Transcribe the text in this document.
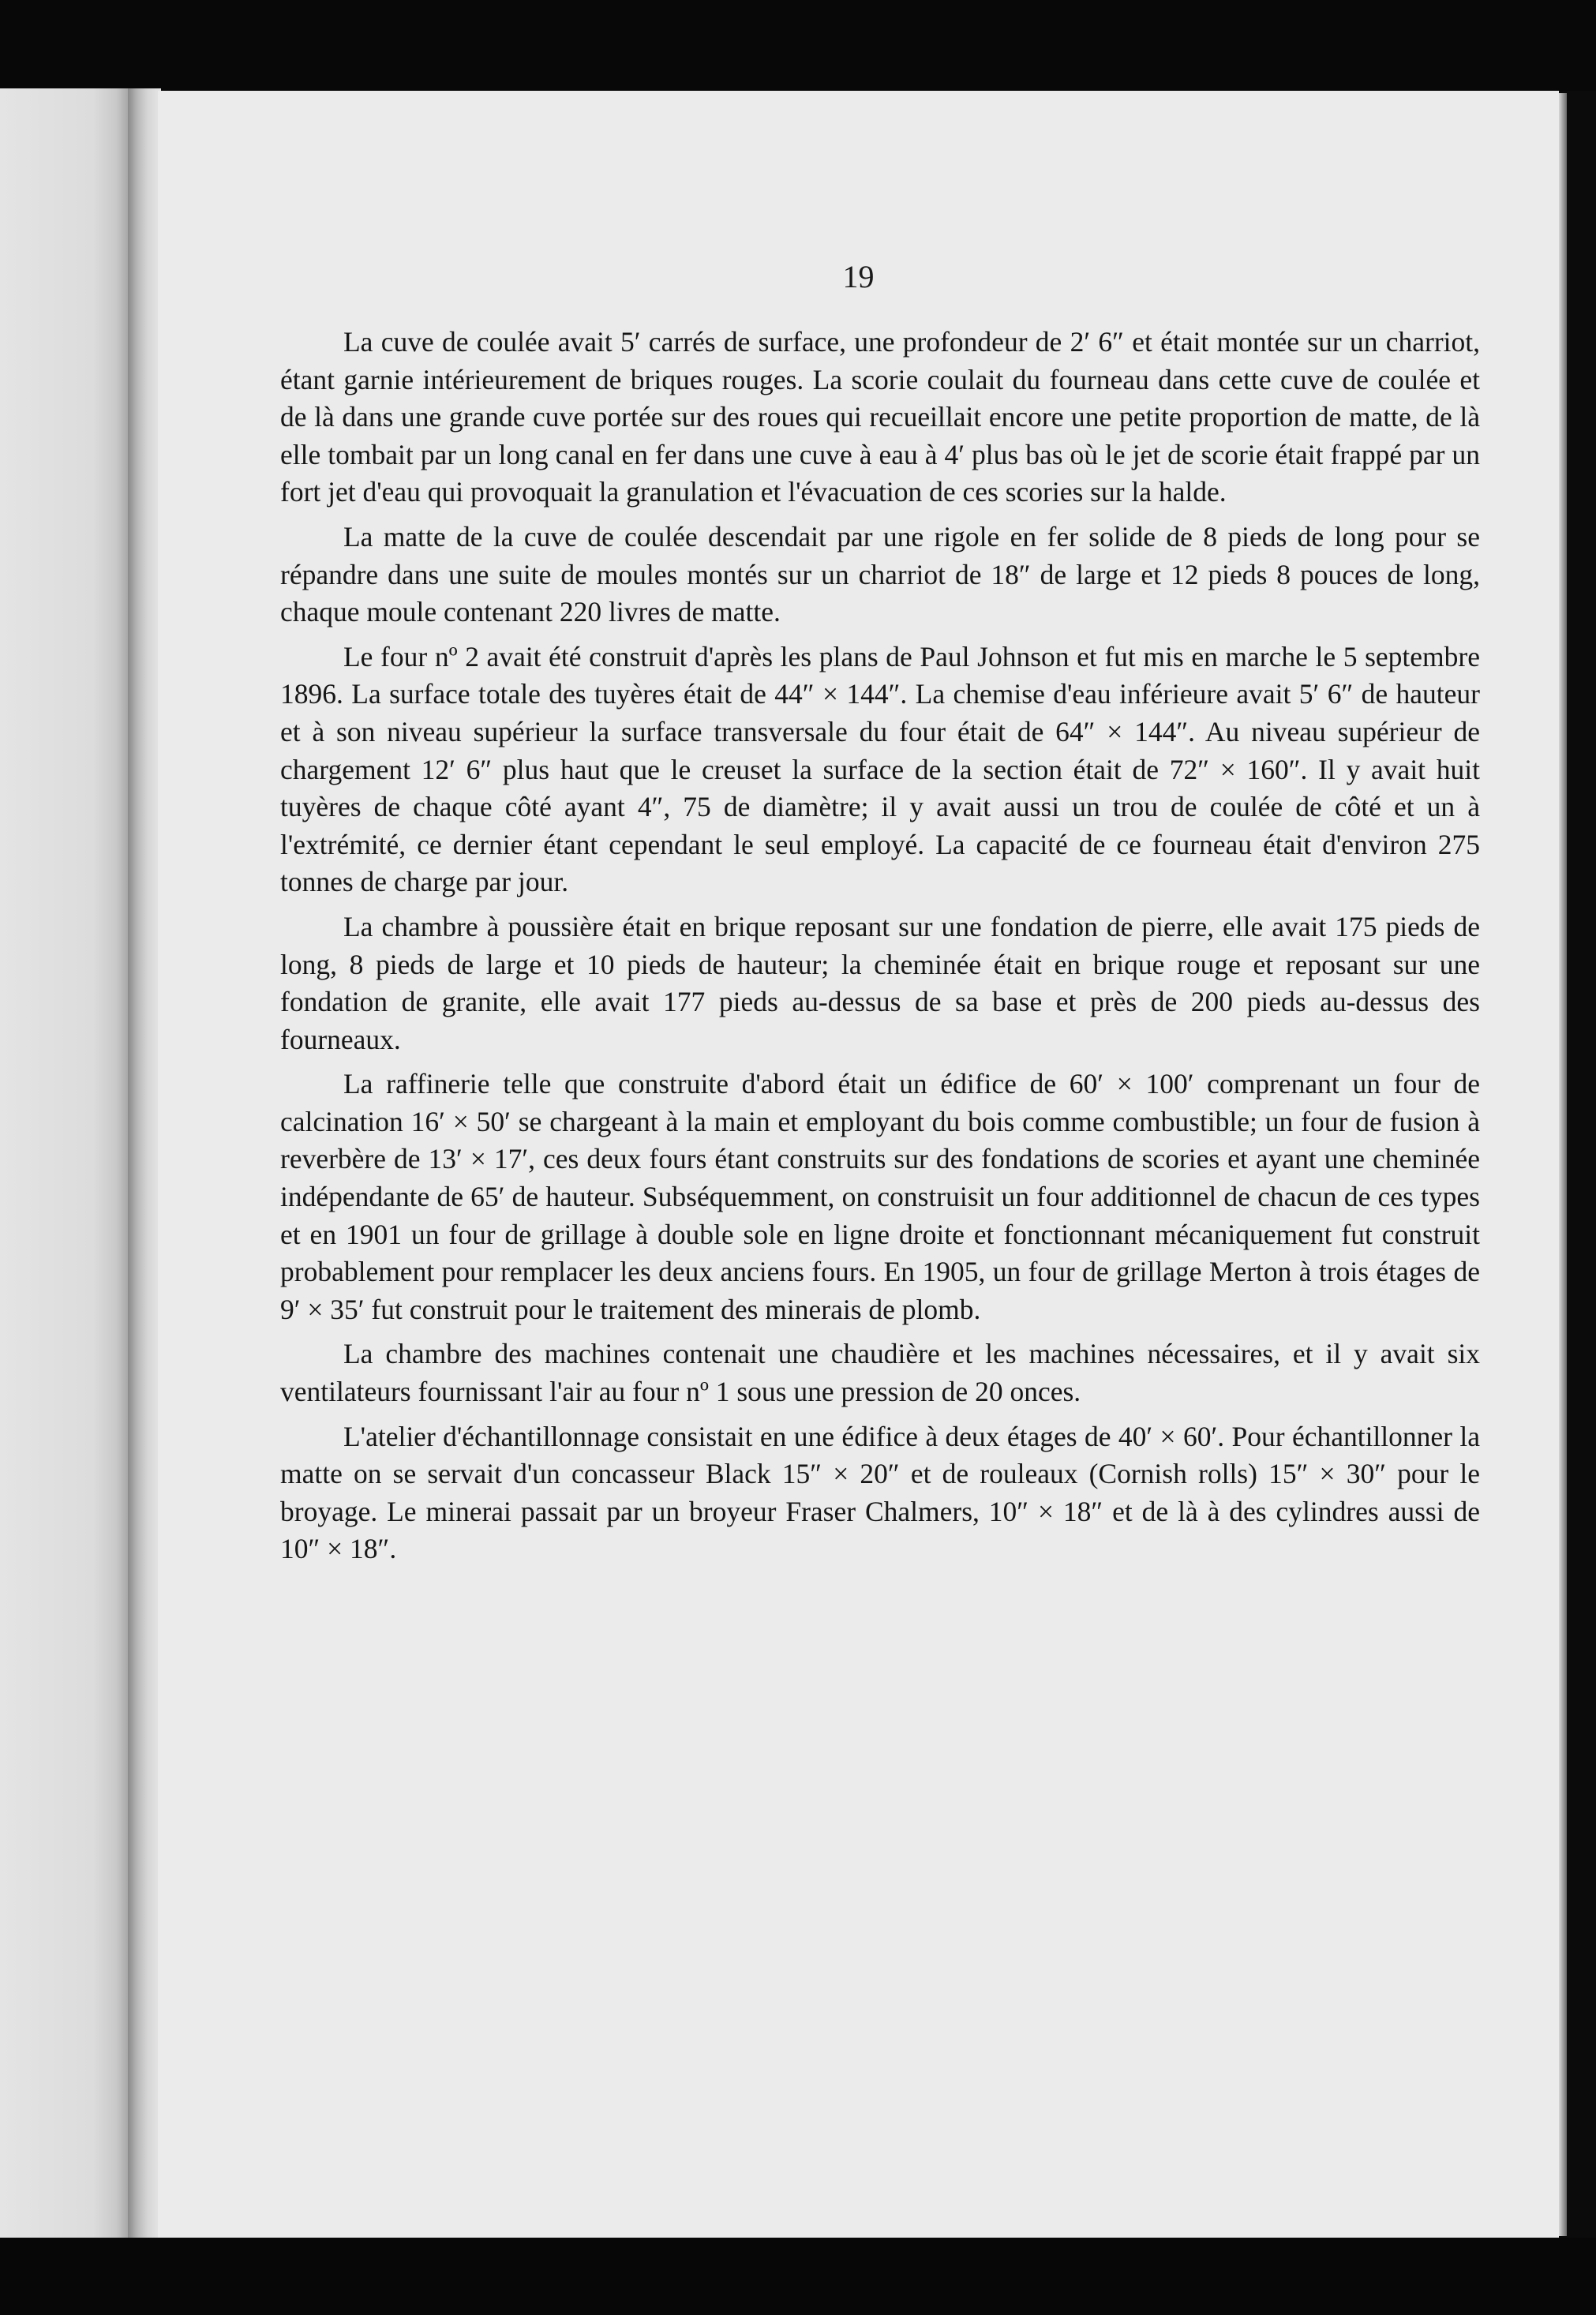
19

La cuve de coulée avait 5′ carrés de surface, une profondeur de 2′ 6″ et était montée sur un charriot, étant garnie intérieurement de briques rouges. La scorie coulait du fourneau dans cette cuve de coulée et de là dans une grande cuve portée sur des roues qui recueillait encore une petite proportion de matte, de là elle tombait par un long canal en fer dans une cuve à eau à 4′ plus bas où le jet de scorie était frappé par un fort jet d'eau qui provoquait la granulation et l'évacuation de ces scories sur la halde.

La matte de la cuve de coulée descendait par une rigole en fer solide de 8 pieds de long pour se répandre dans une suite de moules montés sur un charriot de 18″ de large et 12 pieds 8 pouces de long, chaque moule contenant 220 livres de matte.

Le four nº 2 avait été construit d'après les plans de Paul Johnson et fut mis en marche le 5 septembre 1896. La surface totale des tuyères était de 44″ × 144″. La chemise d'eau inférieure avait 5′ 6″ de hauteur et à son niveau supérieur la surface transversale du four était de 64″ × 144″. Au niveau supérieur de chargement 12′ 6″ plus haut que le creuset la surface de la section était de 72″ × 160″. Il y avait huit tuyères de chaque côté ayant 4″, 75 de diamètre; il y avait aussi un trou de coulée de côté et un à l'extrémité, ce dernier étant cependant le seul employé. La capacité de ce fourneau était d'environ 275 tonnes de charge par jour.

La chambre à poussière était en brique reposant sur une fondation de pierre, elle avait 175 pieds de long, 8 pieds de large et 10 pieds de hauteur; la cheminée était en brique rouge et reposant sur une fondation de granite, elle avait 177 pieds au-dessus de sa base et près de 200 pieds au-dessus des fourneaux.

La raffinerie telle que construite d'abord était un édifice de 60′ × 100′ comprenant un four de calcination 16′ × 50′ se chargeant à la main et employant du bois comme combustible; un four de fusion à reverbère de 13′ × 17′, ces deux fours étant construits sur des fondations de scories et ayant une cheminée indépendante de 65′ de hauteur. Subséquemment, on construisit un four additionnel de chacun de ces types et en 1901 un four de grillage à double sole en ligne droite et fonctionnant mécaniquement fut construit probablement pour remplacer les deux anciens fours. En 1905, un four de grillage Merton à trois étages de 9′ × 35′ fut construit pour le traitement des minerais de plomb.

La chambre des machines contenait une chaudière et les machines nécessaires, et il y avait six ventilateurs fournissant l'air au four nº 1 sous une pression de 20 onces.

L'atelier d'échantillonnage consistait en une édifice à deux étages de 40′ × 60′. Pour échantillonner la matte on se servait d'un concasseur Black 15″ × 20″ et de rouleaux (Cornish rolls) 15″ × 30″ pour le broyage. Le minerai passait par un broyeur Fraser Chalmers, 10″ × 18″ et de là à des cylindres aussi de 10″ × 18″.
